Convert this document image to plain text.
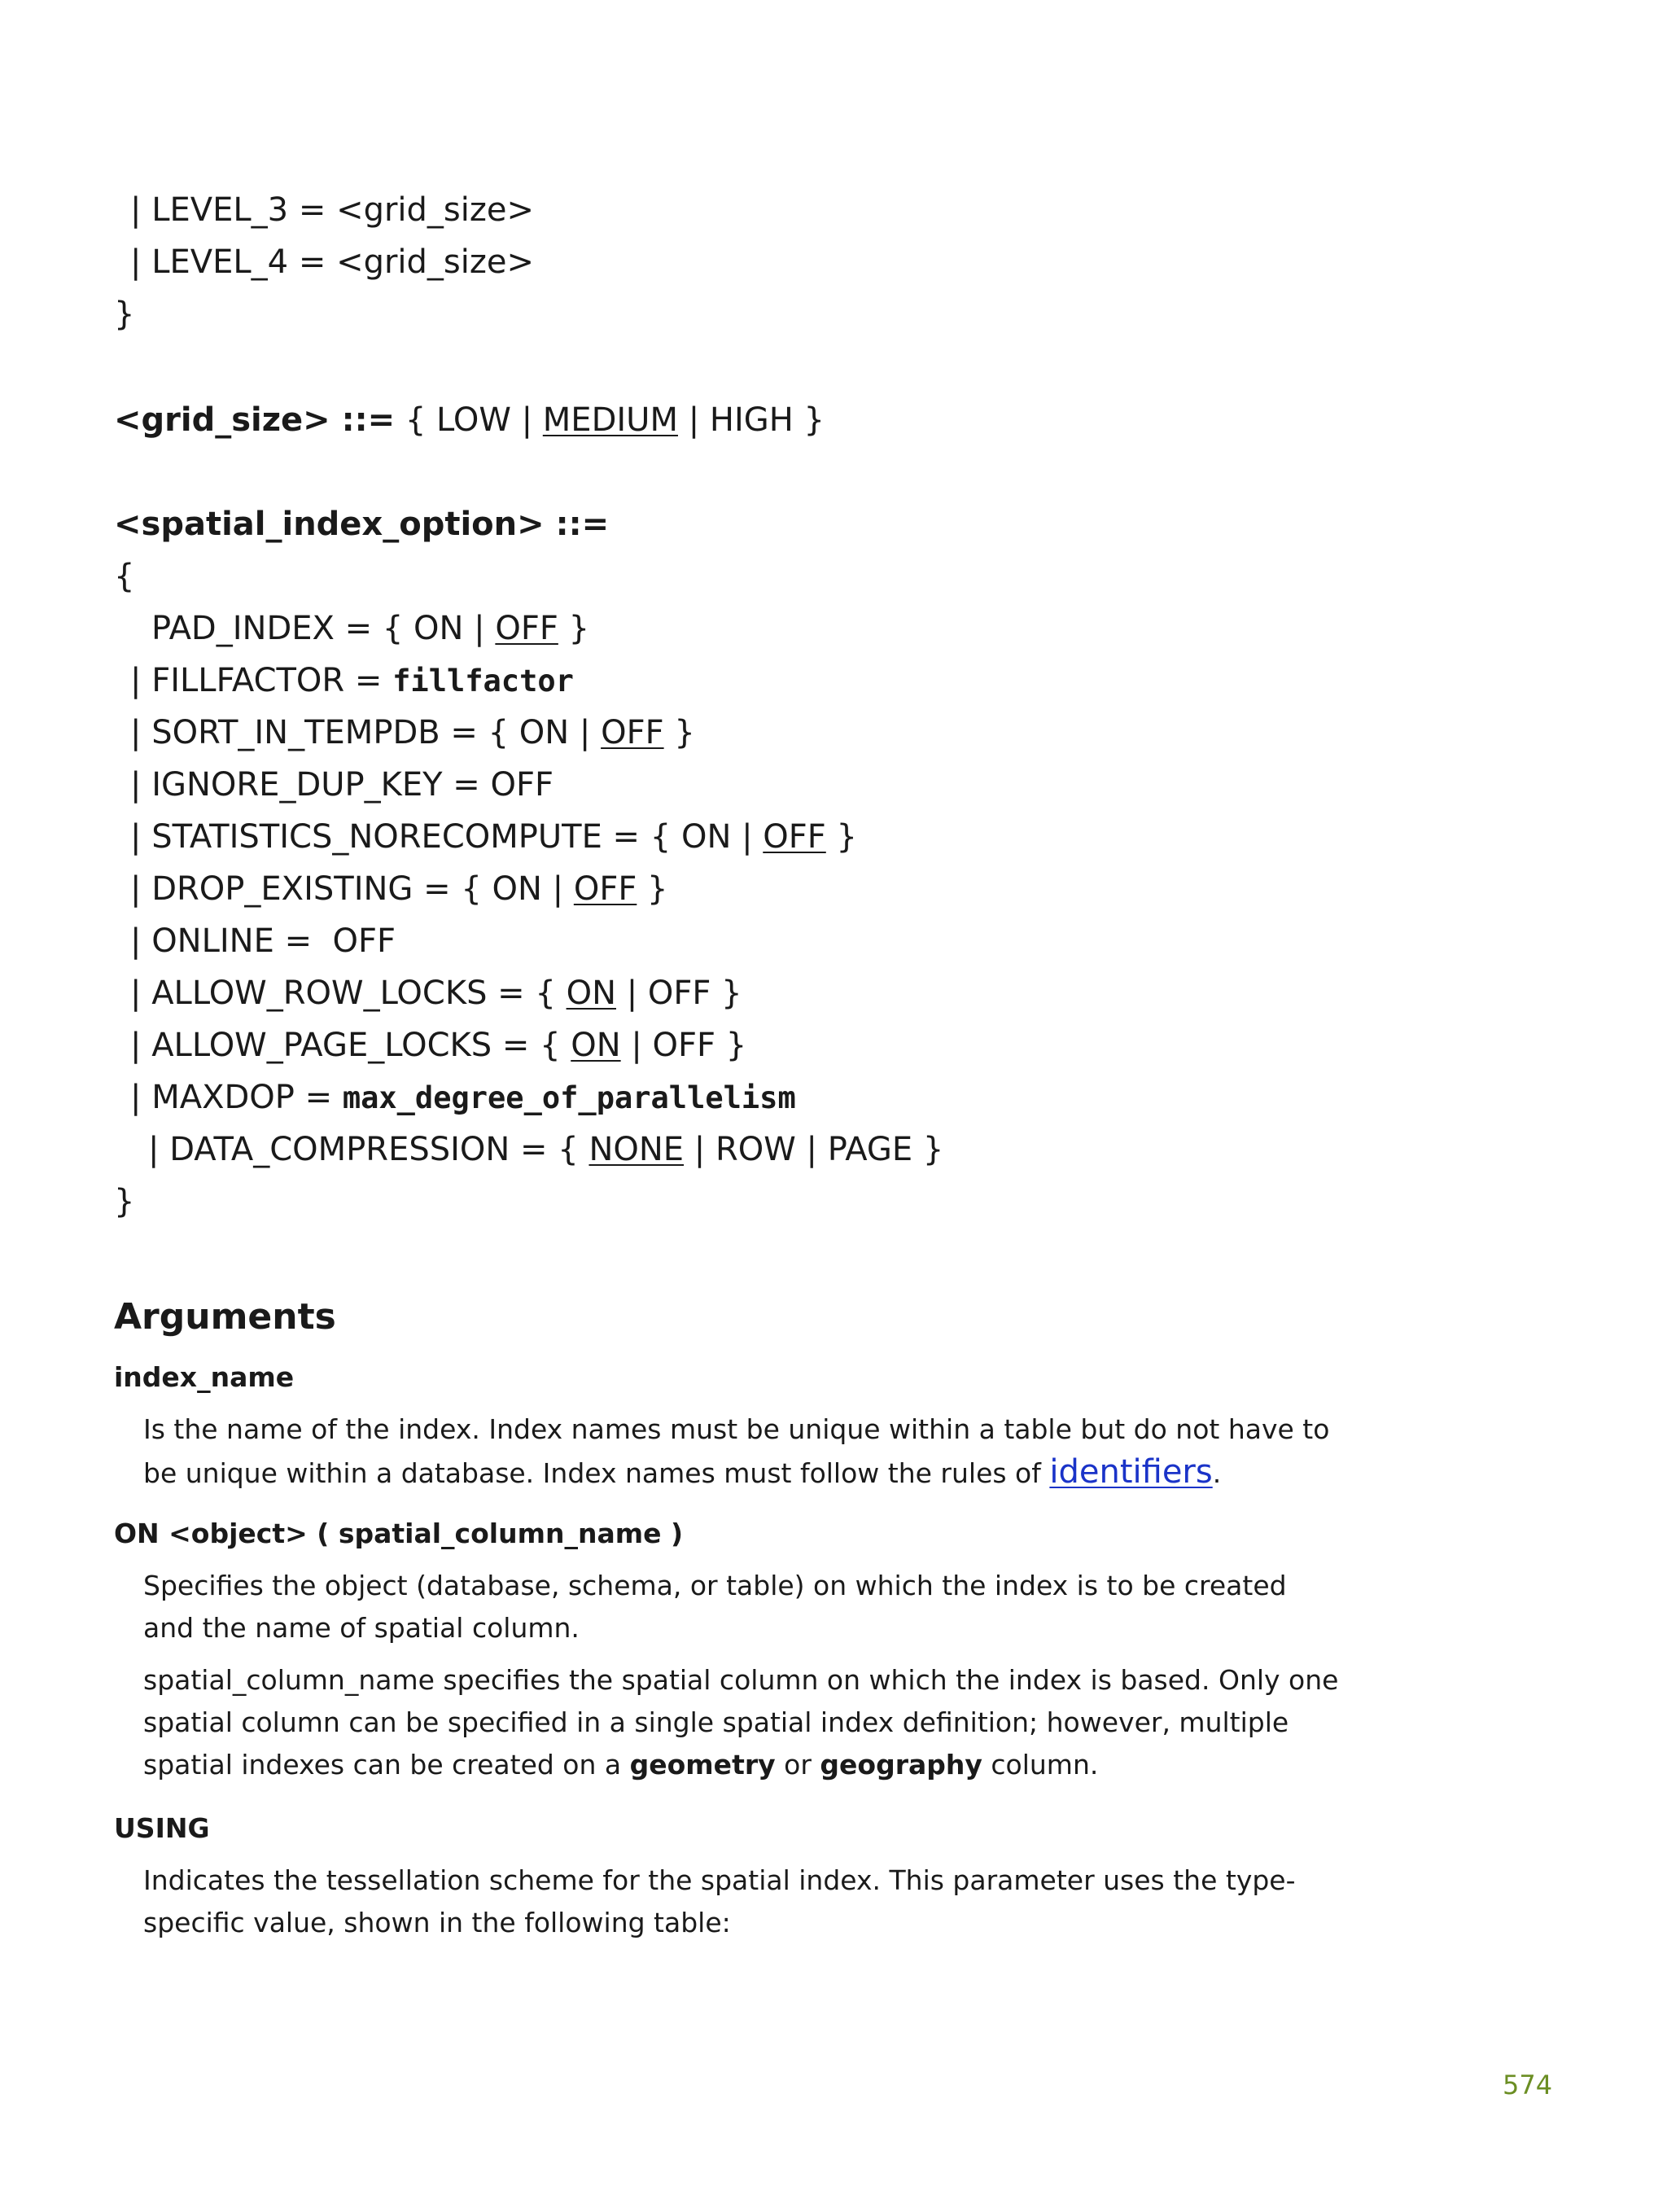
| LEVEL_3 = <grid_size>
| LEVEL_4 = <grid_size>
}
<grid_size> ::= { LOW | MEDIUM | HIGH }
<spatial_index_option> ::=
{
PAD_INDEX = { ON | OFF }
| FILLFACTOR = fillfactor
| SORT_IN_TEMPDB = { ON | OFF }
| IGNORE_DUP_KEY = OFF
| STATISTICS_NORECOMPUTE = { ON | OFF }
| DROP_EXISTING = { ON | OFF }
| ONLINE =  OFF
| ALLOW_ROW_LOCKS = { ON | OFF }
| ALLOW_PAGE_LOCKS = { ON | OFF }
| MAXDOP = max_degree_of_parallelism
| DATA_COMPRESSION = { NONE | ROW | PAGE }
}
Arguments
index_name
Is the name of the index. Index names must be unique within a table but do not have to be unique within a database. Index names must follow the rules of identifiers.
ON <object> ( spatial_column_name )
Specifies the object (database, schema, or table) on which the index is to be created and the name of spatial column.
spatial_column_name specifies the spatial column on which the index is based. Only one spatial column can be specified in a single spatial index definition; however, multiple spatial indexes can be created on a geometry or geography column.
USING
Indicates the tessellation scheme for the spatial index. This parameter uses the type-specific value, shown in the following table:
574
